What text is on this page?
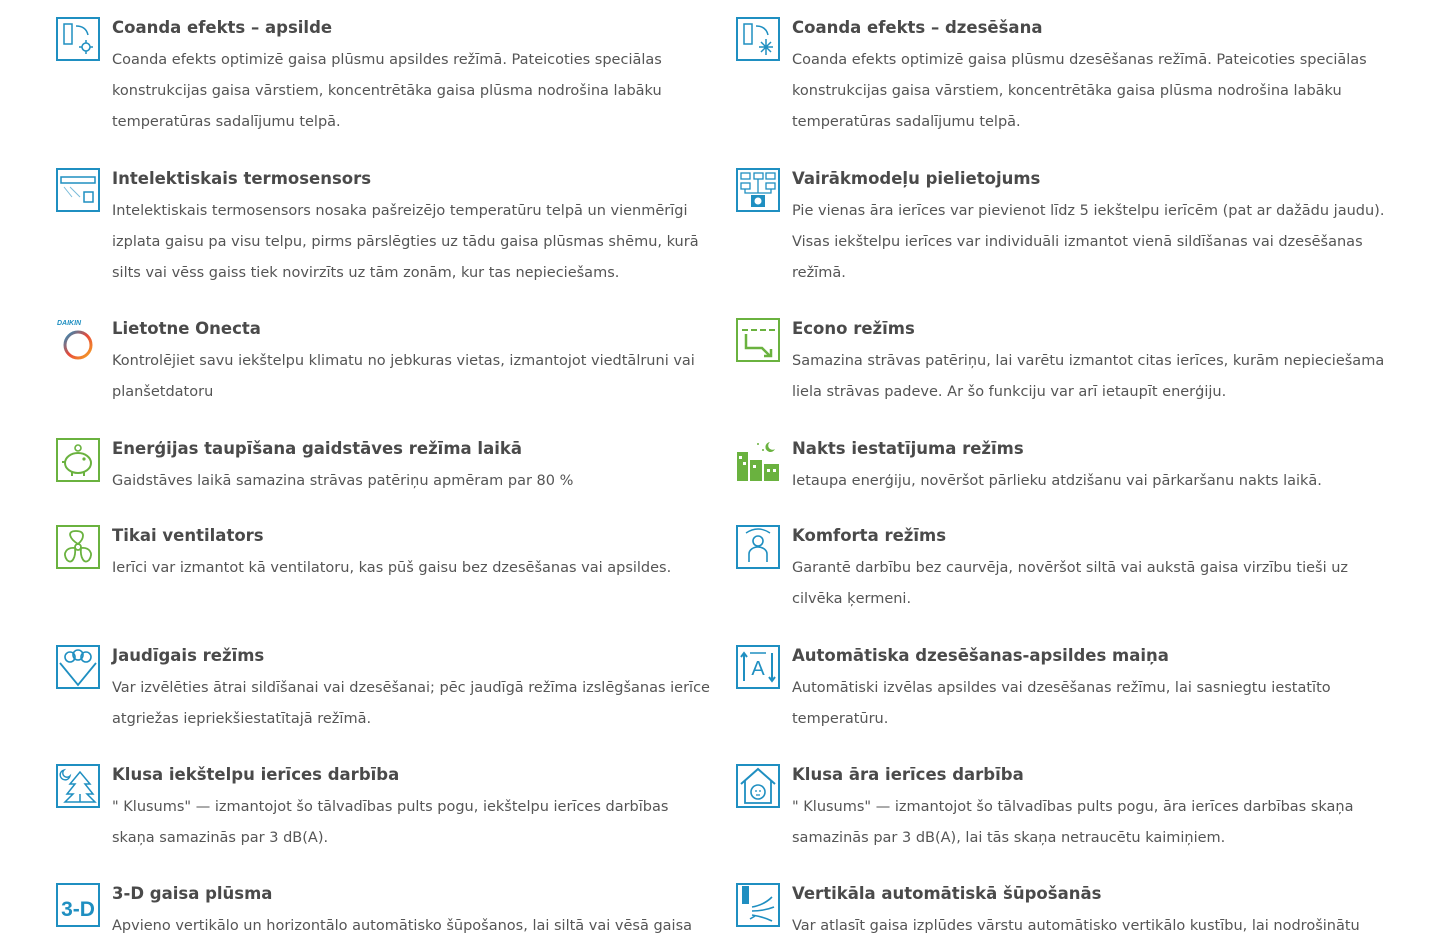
Coanda efekts – apsilde
Coanda efekts optimizē gaisa plūsmu apsildes režīmā. Pateicoties speciālas konstrukcijas gaisa vārstiem, koncentrētāka gaisa plūsma nodrošina labāku temperatūras sadalījumu telpā.
Coanda efekts – dzesēšana
Coanda efekts optimizē gaisa plūsmu dzesēšanas režīmā. Pateicoties speciālas konstrukcijas gaisa vārstiem, koncentrētāka gaisa plūsma nodrošina labāku temperatūras sadalījumu telpā.
Intelektiskais termosensors
Intelektiskais termosensors nosaka pašreizējo temperatūru telpā un vienmērīgi izplata gaisu pa visu telpu, pirms pārslēgties uz tādu gaisa plūsmas shēmu, kurā silts vai vēss gaiss tiek novirzīts uz tām zonām, kur tas nepieciešams.
Vairākmodeļu pielietojums
Pie vienas āra ierīces var pievienot līdz 5 iekštelpu ierīcēm (pat ar dažādu jaudu). Visas iekštelpu ierīces var individuāli izmantot vienā sildīšanas vai dzesēšanas režīmā.
DAIKIN Lietotne Onecta
Kontrolējiet savu iekštelpu klimatu no jebkuras vietas, izmantojot viedtālruni vai planšetdatoru
Econo režīms
Samazina strāvas patēriņu, lai varētu izmantot citas ierīces, kurām nepieciešama liela strāvas padeve. Ar šo funkciju var arī ietaupīt enerģiju.
Enerģijas taupīšana gaidstāves režīma laikā
Gaidstāves laikā samazina strāvas patēriņu apmēram par 80 %
Nakts iestatījuma režīms
Ietaupa enerģiju, novēršot pārlieku atdzišanu vai pārkaršanu nakts laikā.
Tikai ventilators
Ierīci var izmantot kā ventilatoru, kas pūš gaisu bez dzesēšanas vai apsildes.
Komforta režīms
Garantē darbību bez caurvēja, novēršot siltā vai aukstā gaisa virzību tieši uz cilvēka ķermeni.
Jaudīgais režīms
Var izvēlēties ātrai sildīšanai vai dzesēšanai; pēc jaudīgā režīma izslēgšanas ierīce atgriežas iepriekšiestatītajā režīmā.
A
Automātiska dzesēšanas-apsildes maiņa
Automātiski izvēlas apsildes vai dzesēšanas režīmu, lai sasniegtu iestatīto temperatūru.
Klusa iekštelpu ierīces darbība
" Klusums" — izmantojot šo tālvadības pults pogu, iekštelpu ierīces darbības skaņa samazinās par 3 dB(A).
Klusa āra ierīces darbība
" Klusums" — izmantojot šo tālvadības pults pogu, āra ierīces darbības skaņa samazinās par 3 dB(A), lai tās skaņa netraucētu kaimiņiem.
3-D
3-D gaisa plūsma
Apvieno vertikālo un horizontālo automātisko šūpošanos, lai siltā vai vēsā gaisa
Vertikāla automātiskā šūpošanās
Var atlasīt gaisa izplūdes vārstu automātisko vertikālo kustību, lai nodrošinātu
